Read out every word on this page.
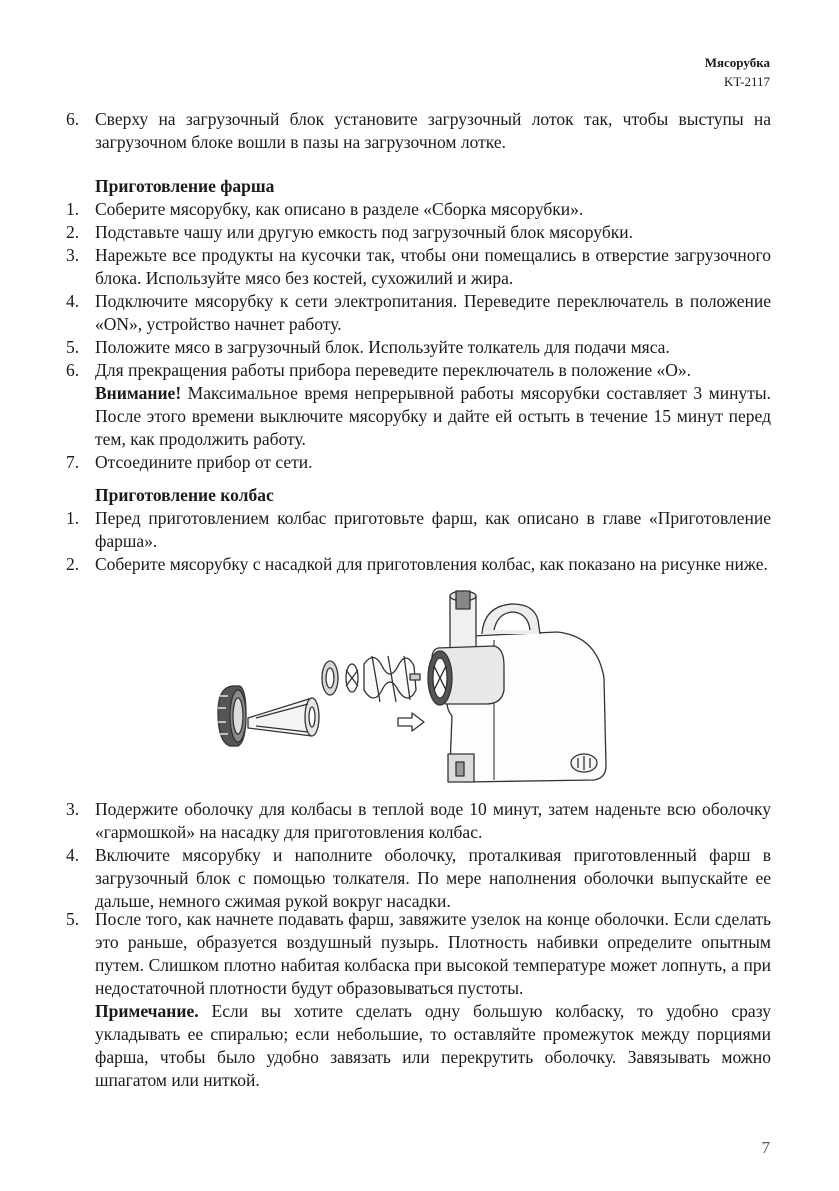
Мясорубка
KT-2117
6. Сверху на загрузочный блок установите загрузочный лоток так, чтобы выступы на загрузочном блоке вошли в пазы на загрузочном лотке.
Приготовление фарша
1. Соберите мясорубку, как описано в разделе «Сборка мясорубки».
2. Подставьте чашу или другую емкость под загрузочный блок мясорубки.
3. Нарежьте все продукты на кусочки так, чтобы они помещались в отверстие загрузочного блока. Используйте мясо без костей, сухожилий и жира.
4. Подключите мясорубку к сети электропитания. Переведите переключатель в положение «ON», устройство начнет работу.
5. Положите мясо в загрузочный блок. Используйте толкатель для подачи мяса.
6. Для прекращения работы прибора переведите переключатель в положение «O».
Внимание! Максимальное время непрерывной работы мясорубки составляет 3 минуты. После этого времени выключите мясорубку и дайте ей остыть в течение 15 минут перед тем, как продолжить работу.
7. Отсоедините прибор от сети.
Приготовление колбас
1. Перед приготовлением колбас приготовьте фарш, как описано в главе «Приготовление фарша».
2. Соберите мясорубку с насадкой для приготовления колбас, как показано на рисунке ниже.
3. Подержите оболочку для колбасы в теплой воде 10 минут, затем наденьте всю оболочку «гармошкой» на насадку для приготовления колбас.
4. Включите мясорубку и наполните оболочку, проталкивая приготовленный фарш в загрузочный блок с помощью толкателя. По мере наполнения оболочки выпускайте ее дальше, немного сжимая рукой вокруг насадки.
5. После того, как начнете подавать фарш, завяжите узелок на конце оболочки. Если сделать это раньше, образуется воздушный пузырь. Плотность набивки определите опытным путем. Слишком плотно набитая колбаска при высокой температуре может лопнуть, а при недостаточной плотности будут образовываться пустоты.
Примечание. Если вы хотите сделать одну большую колбаску, то удобно сразу укладывать ее спиралью; если небольшие, то оставляйте промежуток между порциями фарша, чтобы было удобно завязать или перекрутить оболочку. Завязывать можно шпагатом или ниткой.
7
